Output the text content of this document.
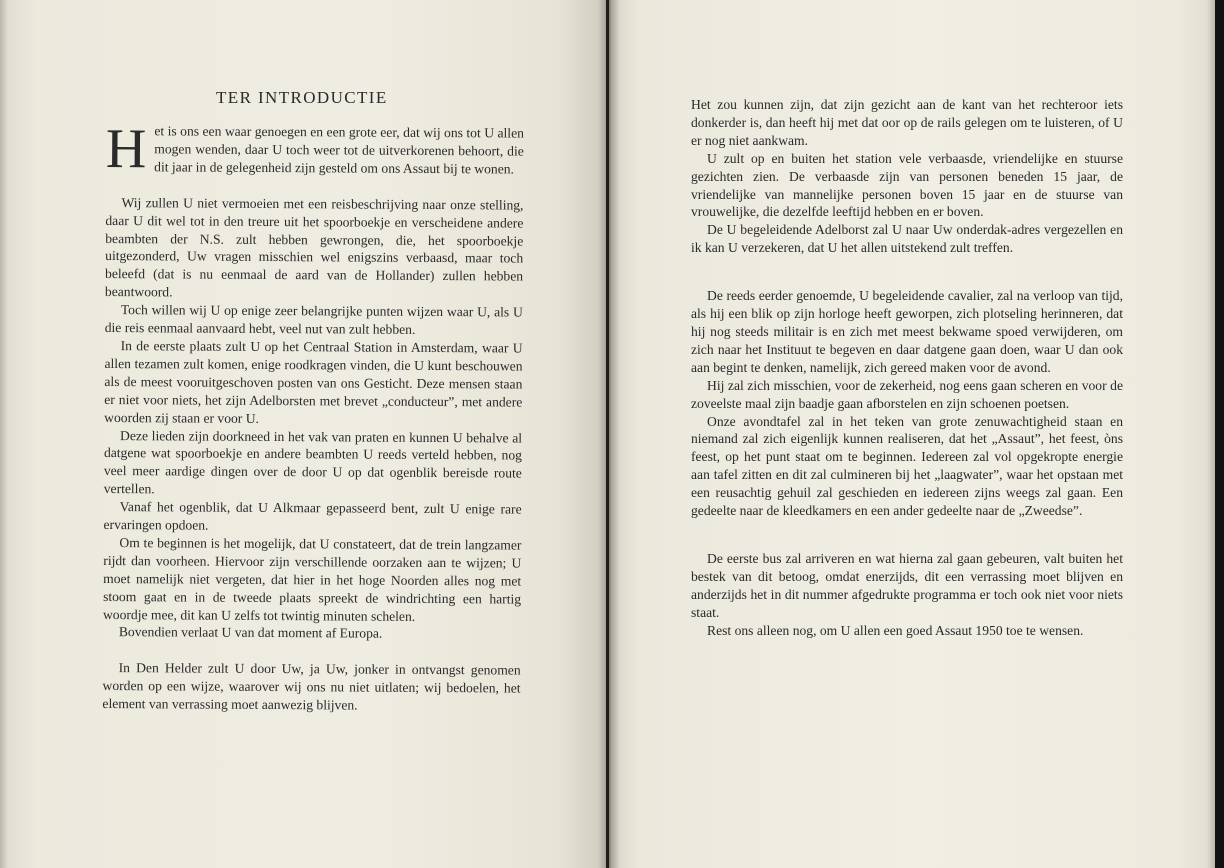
TER INTRODUCTIE

H et is ons een waar genoegen en een grote eer, dat wij ons tot U allen mogen wenden, daar U toch weer tot de uitverkorenen behoort, die dit jaar in de gelegenheid zijn gesteld om ons Assaut bij te wonen.

Wij zullen U niet vermoeien met een reisbeschrijving naar onze stelling, daar U dit wel tot in den treure uit het spoorboekje en verscheidene andere beambten der N.S. zult hebben gewrongen, die, het spoorboekje uitgezonderd, Uw vragen misschien wel enigszins verbaasd, maar toch beleefd (dat is nu eenmaal de aard van de Hollander) zullen hebben beantwoord.

Toch willen wij U op enige zeer belangrijke punten wijzen waar U, als U die reis eenmaal aanvaard hebt, veel nut van zult hebben.

In de eerste plaats zult U op het Centraal Station in Amsterdam, waar U allen tezamen zult komen, enige roodkragen vinden, die U kunt beschouwen als de meest vooruitgeschoven posten van ons Gesticht. Deze mensen staan er niet voor niets, het zijn Adelborsten met brevet „conducteur”, met andere woorden zij staan er voor U.

Deze lieden zijn doorkneed in het vak van praten en kunnen U behalve al datgene wat spoorboekje en andere beambten U reeds verteld hebben, nog veel meer aardige dingen over de door U op dat ogenblik bereisde route vertellen.

Vanaf het ogenblik, dat U Alkmaar gepasseerd bent, zult U enige rare ervaringen opdoen.

Om te beginnen is het mogelijk, dat U constateert, dat de trein langzamer rijdt dan voorheen. Hiervoor zijn verschillende oorzaken aan te wijzen; U moet namelijk niet vergeten, dat hier in het hoge Noorden alles nog met stoom gaat en in de tweede plaats spreekt de windrichting een hartig woordje mee, dit kan U zelfs tot twintig minuten schelen.

Bovendien verlaat U van dat moment af Europa.

In Den Helder zult U door Uw, ja Uw, jonker in ontvangst genomen worden op een wijze, waarover wij ons nu niet uitlaten; wij bedoelen, het element van verrassing moet aanwezig blijven.

Het zou kunnen zijn, dat zijn gezicht aan de kant van het rechteroor iets donkerder is, dan heeft hij met dat oor op de rails gelegen om te luisteren, of U er nog niet aankwam.

U zult op en buiten het station vele verbaasde, vriendelijke en stuurse gezichten zien. De verbaasde zijn van personen beneden 15 jaar, de vriendelijke van mannelijke personen boven 15 jaar en de stuurse van vrouwelijke, die dezelfde leeftijd hebben en er boven.

De U begeleidende Adelborst zal U naar Uw onderdak-adres vergezellen en ik kan U verzekeren, dat U het allen uitstekend zult treffen.

De reeds eerder genoemde, U begeleidende cavalier, zal na verloop van tijd, als hij een blik op zijn horloge heeft geworpen, zich plotseling herinneren, dat hij nog steeds militair is en zich met meest bekwame spoed verwijderen, om zich naar het Instituut te begeven en daar datgene gaan doen, waar U dan ook aan begint te denken, namelijk, zich gereed maken voor de avond.

Hij zal zich misschien, voor de zekerheid, nog eens gaan scheren en voor de zoveelste maal zijn baadje gaan afborstelen en zijn schoenen poetsen.

Onze avondtafel zal in het teken van grote zenuwachtigheid staan en niemand zal zich eigenlijk kunnen realiseren, dat het „Assaut”, het feest, òns feest, op het punt staat om te beginnen. Iedereen zal vol opgekropte energie aan tafel zitten en dit zal culmineren bij het „laagwater”, waar het opstaan met een reusachtig gehuil zal geschieden en iedereen zijns weegs zal gaan. Een gedeelte naar de kleedkamers en een ander gedeelte naar de „Zweedse”.

De eerste bus zal arriveren en wat hierna zal gaan gebeuren, valt buiten het bestek van dit betoog, omdat enerzijds, dit een verrassing moet blijven en anderzijds het in dit nummer afgedrukte programma er toch ook niet voor niets staat.

Rest ons alleen nog, om U allen een goed Assaut 1950 toe te wensen.
